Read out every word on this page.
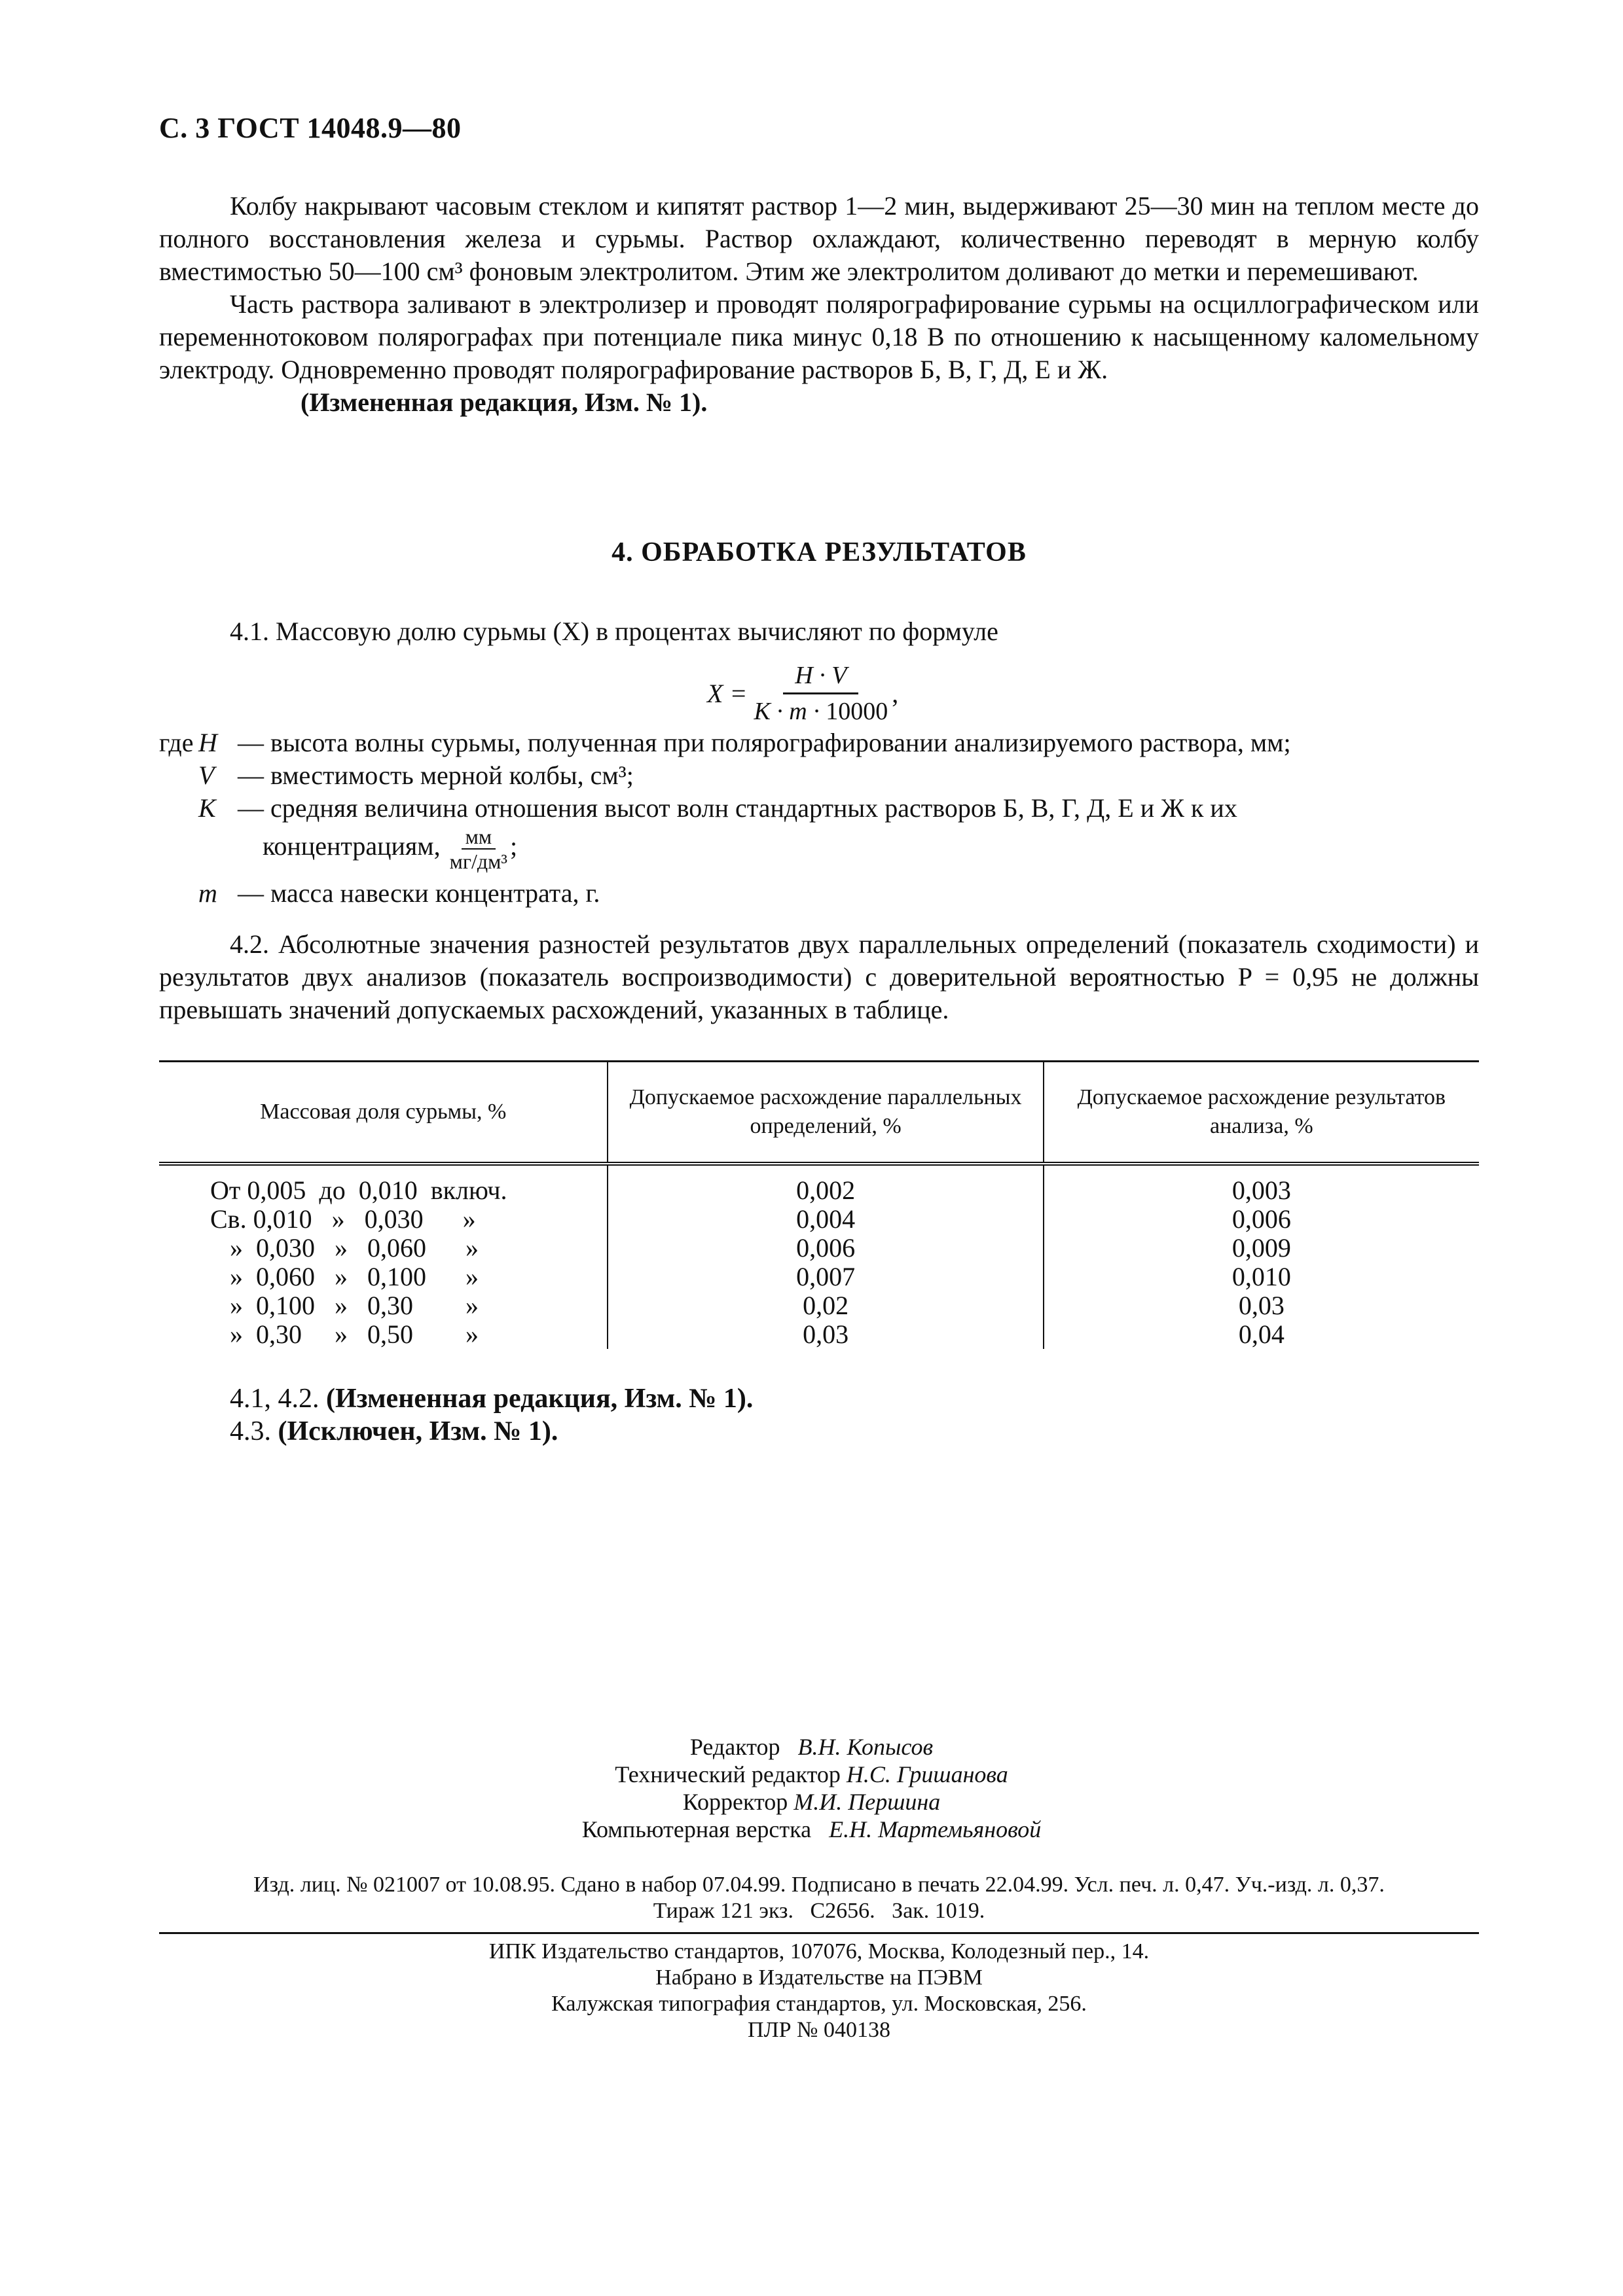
С. 3 ГОСТ 14048.9—80

Колбу накрывают часовым стеклом и кипятят раствор 1—2 мин, выдерживают 25—30 мин на теплом месте до полного восстановления железа и сурьмы. Раствор охлаждают, количественно переводят в мерную колбу вместимостью 50—100 см³ фоновым электролитом. Этим же электролитом доливают до метки и перемешивают.

Часть раствора заливают в электролизер и проводят полярографирование сурьмы на осциллографическом или переменнотоковом полярографах при потенциале пика минус 0,18 В по отношению к насыщенному каломельному электроду. Одновременно проводят полярографирование растворов Б, В, Г, Д, Е и Ж.

(Измененная редакция, Изм. № 1).

4. ОБРАБОТКА РЕЗУЛЬТАТОВ

4.1. Массовую долю сурьмы (X) в процентах вычисляют по формуле

$X = \frac{H \cdot V}{K \cdot m \cdot 10000}$ ,
где H — высота волны сурьмы, полученная при полярографировании анализируемого раствора, мм;
V — вместимость мерной колбы, см³;
K — средняя величина отношения высот волн стандартных растворов Б, В, Г, Д, Е и Ж к их
концентрациям, $\frac{мм}{\text{мг/дм³}}$ ;
m — масса навески концентрата, г.

4.2. Абсолютные значения разностей результатов двух параллельных определений (показатель сходимости) и результатов двух анализов (показатель воспроизводимости) с доверительной вероятностью P = 0,95 не должны превышать значений допускаемых расхождений, указанных в таблице.

Массовая доля сурьмы, %	Допускаемое расхождение параллельных определений, %	Допускаемое расхождение результатов анализа, %
От 0,005  до  0,010  включ.	0,002	0,003
Св. 0,010   »   0,030      »	0,004	0,006
»  0,030   »   0,060      »	0,006	0,009
»  0,060   »   0,100      »	0,007	0,010
»  0,100   »   0,30        »	0,02	0,03
»  0,30     »   0,50        »	0,03	0,04

4.1, 4.2. (Измененная редакция, Изм. № 1).

4.3. (Исключен, Изм. № 1).

Редактор В.Н. Копысов

Технический редактор Н.С. Гришанова

Корректор М.И. Першина

Компьютерная верстка Е.Н. Мартемьяновой

Изд. лиц. № 021007 от 10.08.95. Сдано в набор 07.04.99. Подписано в печать 22.04.99. Усл. печ. л. 0,47. Уч.-изд. л. 0,37.

Тираж 121 экз.   С2656.   Зак. 1019.

ИПК Издательство стандартов, 107076, Москва, Колодезный пер., 14.

Набрано в Издательстве на ПЭВМ

Калужская типография стандартов, ул. Московская, 256.

ПЛР № 040138
